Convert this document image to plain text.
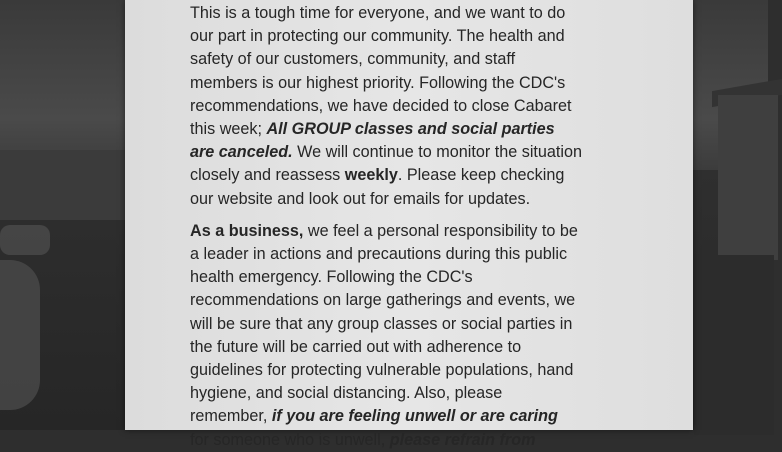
This is a tough time for everyone, and we want to do
our part in protecting our community. The health and
safety of our customers, community, and staff
members is our highest priority. Following the CDC's
recommendations, we have decided to close Cabaret
this week; All GROUP classes and social parties
are canceled. We will continue to monitor the situation
closely and reassess weekly. Please keep checking
our website and look out for emails for updates.

As a business, we feel a personal responsibility to be
a leader in actions and precautions during this public
health emergency. Following the CDC's
recommendations on large gatherings and events, we
will be sure that any group classes or social parties in
the future will be carried out with adherence to
guidelines for protecting vulnerable populations, hand
hygiene, and social distancing. Also, please
remember, if you are feeling unwell or are caring
for someone who is unwell, please refrain from
